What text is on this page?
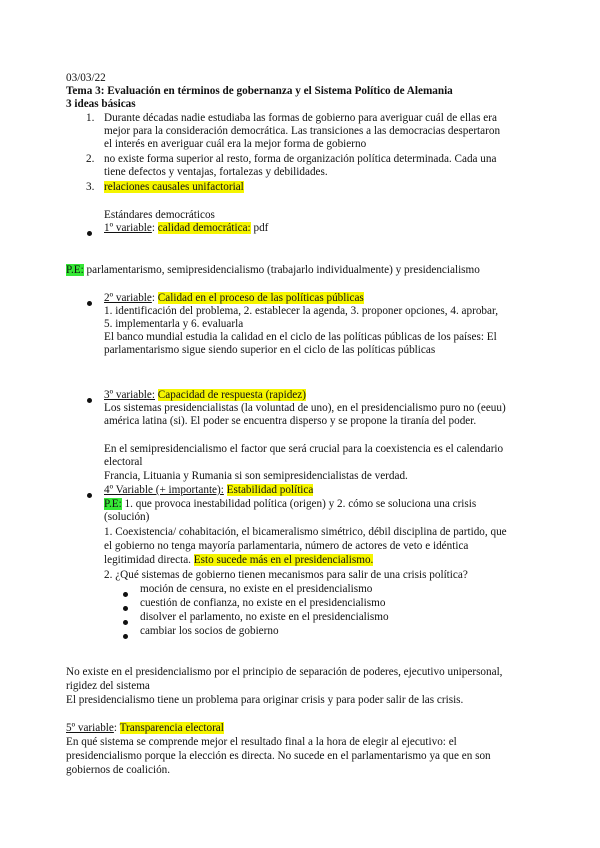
03/03/22
Tema 3: Evaluación en términos de gobernanza y el Sistema Político de Alemania
3 ideas básicas
1. Durante décadas nadie estudiaba las formas de gobierno para averiguar cuál de ellas era
mejor para la consideración democrática. Las transiciones a las democracias despertaron
el interés en averiguar cuál era la mejor forma de gobierno
2. no existe forma superior al resto, forma de organización política determinada. Cada una
tiene defectos y ventajas, fortalezas y debilidades.
3. relaciones causales unifactorial
Estándares democráticos
1º variable: calidad democrática: pdf
P.E: parlamentarismo, semipresidencialismo (trabajarlo individualmente) y presidencialismo
2º variable: Calidad en el proceso de las políticas públicas
1. identificación del problema, 2. establecer la agenda, 3. proponer opciones, 4. aprobar,
5. implementarla y 6. evaluarla
El banco mundial estudia la calidad en el ciclo de las políticas públicas de los países: El
parlamentarismo sigue siendo superior en el ciclo de las políticas públicas
3º variable: Capacidad de respuesta (rapidez)
Los sistemas presidencialistas (la voluntad de uno), en el presidencialismo puro no (eeuu)
américa latina (si). El poder se encuentra disperso y se propone la tiranía del poder.
En el semipresidencialismo el factor que será crucial para la coexistencia es el calendario
electoral
Francia, Lituania y Rumania si son semipresidencialistas de verdad.
4º Variable (+ importante): Estabilidad política
P.E: 1. que provoca inestabilidad política (origen) y 2. cómo se soluciona una crisis
(solución)
1. Coexistencia/ cohabitación, el bicameralismo simétrico, débil disciplina de partido, que
el gobierno no tenga mayoría parlamentaria, número de actores de veto e idéntica
legitimidad directa. Esto sucede más en el presidencialismo.
2. ¿Qué sistemas de gobierno tienen mecanismos para salir de una crisis política?
moción de censura, no existe en el presidencialismo
cuestión de confianza, no existe en el presidencialismo
disolver el parlamento, no existe en el presidencialismo
cambiar los socios de gobierno
No existe en el presidencialismo por el principio de separación de poderes, ejecutivo unipersonal,
rigidez del sistema
El presidencialismo tiene un problema para originar crisis y para poder salir de las crisis.
5º variable: Transparencia electoral
En qué sistema se comprende mejor el resultado final a la hora de elegir al ejecutivo: el
presidencialismo porque la elección es directa. No sucede en el parlamentarismo ya que en son
gobiernos de coalición.
